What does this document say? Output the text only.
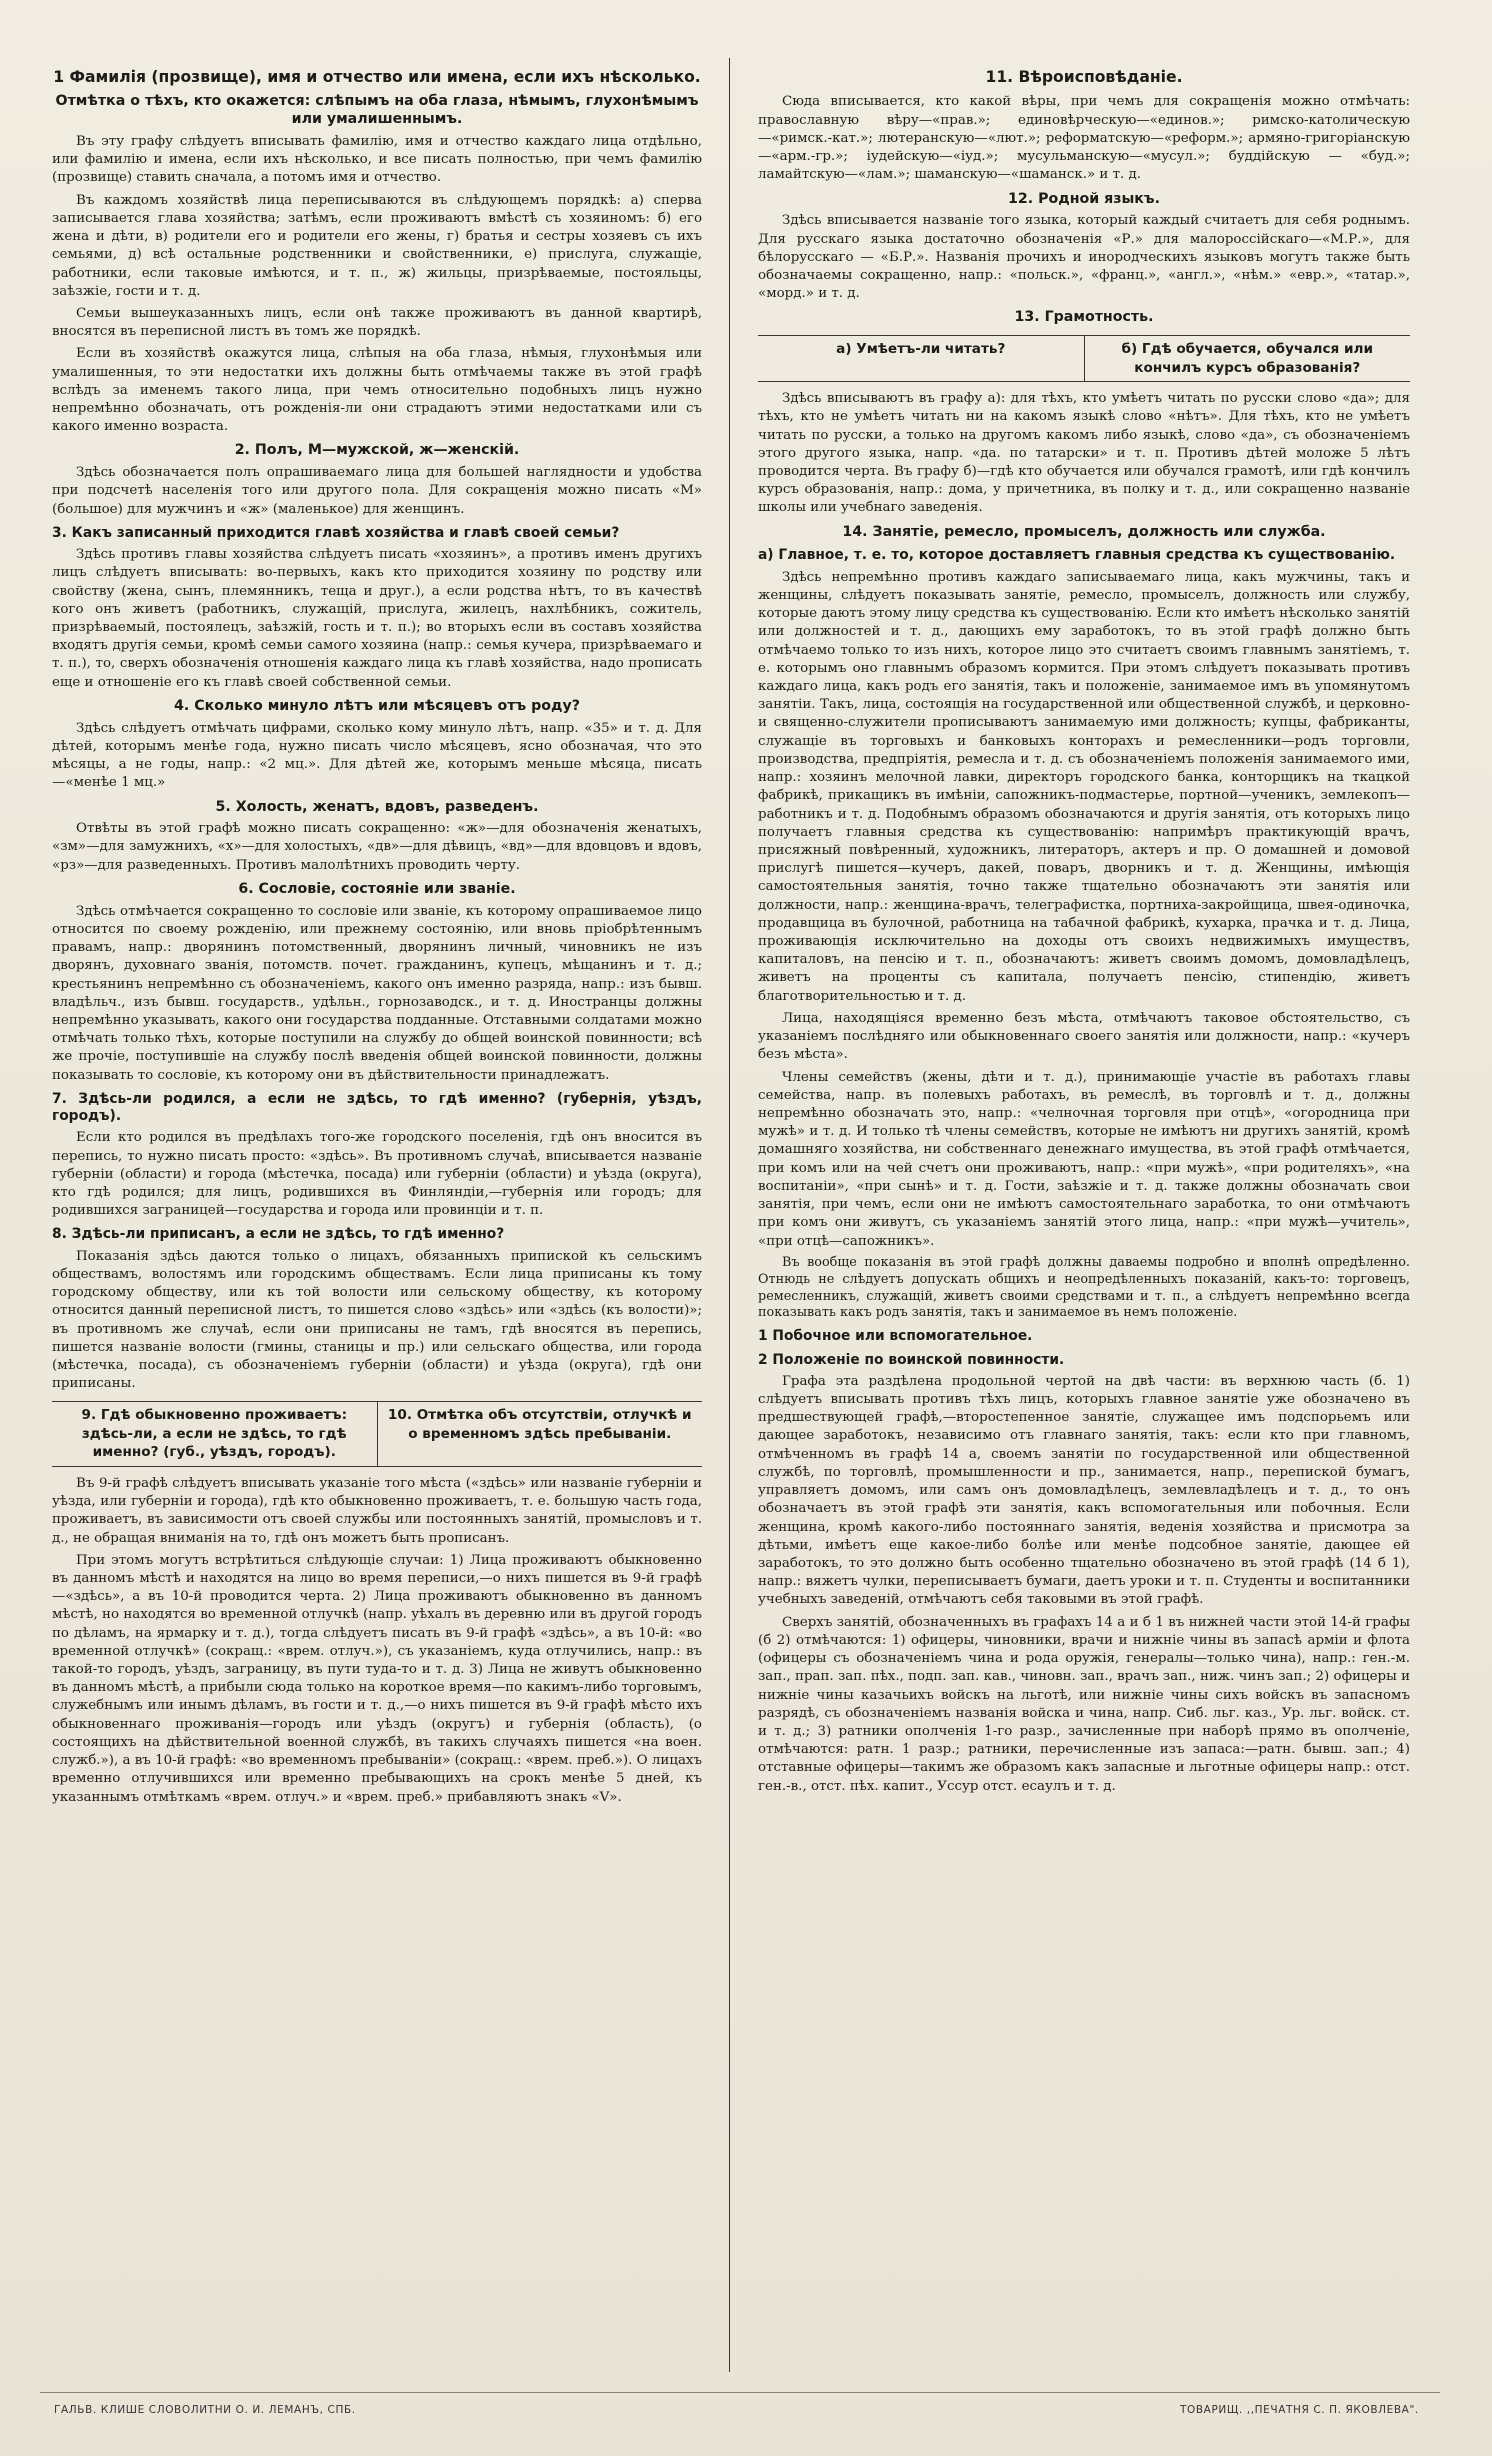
1 Фамилія (прозвище), имя и отчество или имена, если ихъ нѣсколько.
Отмѣтка о тѣхъ, кто окажется: слѣпымъ на оба глаза, нѣмымъ, глухонѣмымъ или умалишеннымъ.

Въ эту графу слѣдуетъ вписывать фамилію, имя и отчество каждаго лица отдѣльно, или фамилію и имена, если ихъ нѣсколько, и все писать полностью, при чемъ фамилію (прозвище) ставить сначала, а потомъ имя и отчество.

Въ каждомъ хозяйствѣ лица переписываются въ слѣдующемъ порядкѣ: а) сперва записывается глава хозяйства; затѣмъ, если проживаютъ вмѣстѣ съ хозяиномъ: б) его жена и дѣти, в) родители его и родители его жены, г) братья и сестры хозяевъ съ ихъ семьями, д) всѣ остальные родственники и свойственники, е) прислуга, служащіе, работники, если таковые имѣются, и т. п., ж) жильцы, призрѣваемые, постояльцы, заѣзжіе, гости и т. д.

Семьи вышеуказанныхъ лицъ, если онѣ также проживаютъ въ данной квартирѣ, вносятся въ переписной листъ въ томъ же порядкѣ.

Если въ хозяйствѣ окажутся лица, слѣпыя на оба глаза, нѣмыя, глухонѣмыя или умалишенныя, то эти недостатки ихъ должны быть отмѣчаемы также въ этой графѣ вслѣдъ за именемъ такого лица, при чемъ относительно подобныхъ лицъ нужно непремѣнно обозначать, отъ рожденія-ли они страдаютъ этими недостатками или съ какого именно возраста.

2. Полъ, М—мужской, ж—женскій.

Здѣсь обозначается полъ опрашиваемаго лица для большей наглядности и удобства при подсчетѣ населенія того или другого пола. Для сокращенія можно писать «М» (большое) для мужчинъ и «ж» (маленькое) для женщинъ.

3. Какъ записанный приходится главѣ хозяйства и главѣ своей семьи?

Здѣсь противъ главы хозяйства слѣдуетъ писать «хозяинъ», а противъ именъ другихъ лицъ слѣдуетъ вписывать: во-первыхъ, какъ кто приходится хозяину по родству или свойству (жена, сынъ, племянникъ, теща и друг.), а если родства нѣтъ, то въ качествѣ кого онъ живетъ (работникъ, служащій, прислуга, жилецъ, нахлѣбникъ, сожитель, призрѣваемый, постоялецъ, заѣзжій, гость и т. п.); во вторыхъ если въ составъ хозяйства входятъ другія семьи, кромѣ семьи самого хозяина (напр.: семья кучера, призрѣваемаго и т. п.), то, сверхъ обозначенія отношенія каждаго лица къ главѣ хозяйства, надо прописать еще и отношеніе его къ главѣ своей собственной семьи.

4. Сколько минуло лѣтъ или мѣсяцевъ отъ роду?

Здѣсь слѣдуетъ отмѣчать цифрами, сколько кому минуло лѣтъ, напр. «35» и т. д. Для дѣтей, которымъ менѣе года, нужно писать число мѣсяцевъ, ясно обозначая, что это мѣсяцы, а не годы, напр.: «2 мц.». Для дѣтей же, которымъ меньше мѣсяца, писать—«менѣе 1 мц.»

5. Холость, женатъ, вдовъ, разведенъ.

Отвѣты въ этой графѣ можно писать сокращенно: «ж»—для обозначенія женатыхъ, «зм»—для замужнихъ, «х»—для холостыхъ, «дв»—для дѣвицъ, «вд»—для вдовцовъ и вдовъ, «рз»—для разведенныхъ. Противъ малолѣтнихъ проводить черту.

6. Сословіе, состояніе или званіе.

Здѣсь отмѣчается сокращенно то сословіе или званіе, къ которому опрашиваемое лицо относится по своему рожденію, или прежнему состоянію, или вновь пріобрѣтеннымъ правамъ, напр.: дворянинъ потомственный, дворянинъ личный, чиновникъ не изъ дворянъ, духовнаго званія, потомств. почет. гражданинъ, купецъ, мѣщанинъ и т. д.; крестьянинъ непремѣнно съ обозначеніемъ, какого онъ именно разряда, напр.: изъ бывш. владѣльч., изъ бывш. государств., удѣльн., горнозаводск., и т. д. Иностранцы должны непремѣнно указывать, какого они государства подданные. Отставными солдатами можно отмѣчать только тѣхъ, которые поступили на службу до общей воинской повинности; всѣ же прочіе, поступившіе на службу послѣ введенія общей воинской повинности, должны показывать то сословіе, къ которому они въ дѣйствительности принадлежатъ.

7. Здѣсь-ли родился, а если не здѣсь, то гдѣ именно? (губернія, уѣздъ, городъ).

Если кто родился въ предѣлахъ того-же городского поселенія, гдѣ онъ вносится въ перепись, то нужно писать просто: «здѣсь». Въ противномъ случаѣ, вписывается названіе губерніи (области) и города (мѣстечка, посада) или губерніи (области) и уѣзда (округа), кто гдѣ родился; для лицъ, родившихся въ Финляндіи,—губернія или городъ; для родившихся заграницей—государства и города или провинціи и т. п.

8. Здѣсь-ли приписанъ, а если не здѣсь, то гдѣ именно?

Показанія здѣсь даются только о лицахъ, обязанныхъ припиской къ сельскимъ обществамъ, волостямъ или городскимъ обществамъ. Если лица приписаны къ тому городскому обществу, или къ той волости или сельскому обществу, къ которому относится данный переписной листъ, то пишется слово «здѣсь» или «здѣсь (къ волости)»; въ противномъ же случаѣ, если они приписаны не тамъ, гдѣ вносятся въ перепись, пишется названіе волости (гмины, станицы и пр.) или сельскаго общества, или города (мѣстечка, посада), съ обозначеніемъ губерніи (области) и уѣзда (округа), гдѣ они приписаны.

9. Гдѣ обыкновенно проживаетъ: здѣсь-ли, а если не здѣсь, то гдѣ именно? (губ., уѣздъ, городъ).
10. Отмѣтка объ отсутствіи, отлучкѣ и о временномъ здѣсь пребываніи.

Въ 9-й графѣ слѣдуетъ вписывать указаніе того мѣста («здѣсь» или названіе губерніи и уѣзда, или губерніи и города), гдѣ кто обыкновенно проживаетъ, т. е. большую часть года, проживаетъ, въ зависимости отъ своей службы или постоянныхъ занятій, промысловъ и т. д., не обращая вниманія на то, гдѣ онъ можетъ быть прописанъ.

При этомъ могутъ встрѣтиться слѣдующіе случаи: 1) Лица проживаютъ обыкновенно въ данномъ мѣстѣ и находятся на лицо во время переписи,—о нихъ пишется въ 9-й графѣ—«здѣсь», а въ 10-й проводится черта. 2) Лица проживаютъ обыкновенно въ данномъ мѣстѣ, но находятся во временной отлучкѣ (напр. уѣхалъ въ деревню или въ другой городъ по дѣламъ, на ярмарку и т. д.), тогда слѣдуетъ писать въ 9-й графѣ «здѣсь», а въ 10-й: «во временной отлучкѣ» (сокращ.: «врем. отлуч.»), съ указаніемъ, куда отлучились, напр.: въ такой-то городъ, уѣздъ, заграницу, въ пути туда-то и т. д. 3) Лица не живутъ обыкновенно въ данномъ мѣстѣ, а прибыли сюда только на короткое время—по какимъ-либо торговымъ, служебнымъ или инымъ дѣламъ, въ гости и т. д.,—о нихъ пишется въ 9-й графѣ мѣсто ихъ обыкновеннаго проживанія—городъ или уѣздъ (округъ) и губернія (область), (о состоящихъ на дѣйствительной военной службѣ, въ такихъ случаяхъ пишется «на воен. служб.»), а въ 10-й графѣ: «во временномъ пребываніи» (сокращ.: «врем. преб.»). О лицахъ временно отлучившихся или временно пребывающихъ на срокъ менѣе 5 дней, къ указаннымъ отмѣткамъ «врем. отлуч.» и «врем. преб.» прибавляютъ знакъ «V».

11. Вѣроисповѣданіе.

Сюда вписывается, кто какой вѣры, при чемъ для сокращенія можно отмѣчать: православную вѣру—«прав.»; единовѣрческую—«единов.»; римско-католическую—«римск.-кат.»; лютеранскую—«лют.»; реформатскую—«реформ.»; армяно-григоріанскую—«арм.-гр.»; іудейскую—«іуд.»; мусульманскую—«мусул.»; буддійскую — «буд.»; ламайтскую—«лам.»; шаманскую—«шаманск.» и т. д.

12. Родной языкъ.

Здѣсь вписывается названіе того языка, который каждый считаетъ для себя роднымъ. Для русскаго языка достаточно обозначенія «Р.» для малороссійскаго—«М.Р.», для бѣлорусскаго — «Б.Р.». Названія прочихъ и инородческихъ языковъ могутъ также быть обозначаемы сокращенно, напр.: «польск.», «франц.», «англ.», «нѣм.» «евр.», «татар.», «морд.» и т. д.

13. Грамотность.
а) Умѣетъ-ли читать?	б) Гдѣ обучается, обучался или кончилъ курсъ образованія?

Здѣсь вписываютъ въ графу а): для тѣхъ, кто умѣетъ читать по русски слово «да»; для тѣхъ, кто не умѣетъ читать ни на какомъ языкѣ слово «нѣтъ». Для тѣхъ, кто не умѣетъ читать по русски, а только на другомъ какомъ либо языкѣ, слово «да», съ обозначеніемъ этого другого языка, напр. «да. по татарски» и т. п. Противъ дѣтей моложе 5 лѣтъ проводится черта. Въ графу б)—гдѣ кто обучается или обучался грамотѣ, или гдѣ кончилъ курсъ образованія, напр.: дома, у причетника, въ полку и т. д., или сокращенно названіе школы или учебнаго заведенія.

14. Занятіе, ремесло, промыселъ, должность или служба.
а) Главное, т. е. то, которое доставляетъ главныя средства къ существованію.

Здѣсь непремѣнно противъ каждаго записываемаго лица, какъ мужчины, такъ и женщины, слѣдуетъ показывать занятіе, ремесло, промыселъ, должность или службу, которые даютъ этому лицу средства къ существованію. Если кто имѣетъ нѣсколько занятій или должностей и т. д., дающихъ ему заработокъ, то въ этой графѣ должно быть отмѣчаемо только то изъ нихъ, которое лицо это считаетъ своимъ главнымъ занятіемъ, т. е. которымъ оно главнымъ образомъ кормится. При этомъ слѣдуетъ показывать противъ каждаго лица, какъ родъ его занятія, такъ и положеніе, занимаемое имъ въ упомянутомъ занятіи. Такъ, лица, состоящія на государственной или общественной службѣ, и церковно-и священно-служители прописываютъ занимаемую ими должность; купцы, фабриканты, служащіе въ торговыхъ и банковыхъ конторахъ и ремесленники—родъ торговли, производства, предпріятія, ремесла и т. д. съ обозначеніемъ положенія занимаемого ими, напр.: хозяинъ мелочной лавки, директоръ городского банка, конторщикъ на ткацкой фабрикѣ, прикащикъ въ имѣніи, сапожникъ-подмастерье, портной—ученикъ, землекопъ—работникъ и т. д. Подобнымъ образомъ обозначаются и другія занятія, отъ которыхъ лицо получаетъ главныя средства къ существованію: напримѣръ практикующій врачъ, присяжный повѣренный, художникъ, литераторъ, актеръ и пр. О домашней и домовой прислугѣ пишется—кучеръ, дакей, поваръ, дворникъ и т. д. Женщины, имѣющія самостоятельныя занятія, точно также тщательно обозначаютъ эти занятія или должности, напр.: женщина-врачъ, телеграфистка, портниха-закройщица, швея-одиночка, продавщица въ булочной, работница на табачной фабрикѣ, кухарка, прачка и т. д. Лица, проживающія исключительно на доходы отъ своихъ недвижимыхъ имуществъ, капиталовъ, на пенсію и т. п., обозначаютъ: живетъ своимъ домомъ, домовладѣлецъ, живетъ на проценты съ капитала, получаетъ пенсію, стипендію, живетъ благотворительностью и т. д.

Лица, находящіяся временно безъ мѣста, отмѣчаютъ таковое обстоятельство, съ указаніемъ послѣдняго или обыкновеннаго своего занятія или должности, напр.: «кучеръ безъ мѣста».

Члены семействъ (жены, дѣти и т. д.), принимающіе участіе въ работахъ главы семейства, напр. въ полевыхъ работахъ, въ ремеслѣ, въ торговлѣ и т. д., должны непремѣнно обозначать это, напр.: «челночная торговля при отцѣ», «огородница при мужѣ» и т. д. И только тѣ члены семействъ, которые не имѣютъ ни другихъ занятій, кромѣ домашняго хозяйства, ни собственнаго денежнаго имущества, въ этой графѣ отмѣчается, при комъ или на чей счетъ они проживаютъ, напр.: «при мужѣ», «при родителяхъ», «на воспитаніи», «при сынѣ» и т. д. Гости, заѣзжіе и т. д. также должны обозначать свои занятія, при чемъ, если они не имѣютъ самостоятельнаго заработка, то они отмѣчаютъ при комъ они живутъ, съ указаніемъ занятій этого лица, напр.: «при мужѣ—учитель», «при отцѣ—сапожникъ».

Въ вообще показанія въ этой графѣ должны даваемы подробно и вполнѣ опредѣленно. Отнюдь не слѣдуетъ допускать общихъ и неопредѣленныхъ показаній, какъ-то: торговецъ, ремесленникъ, служащій, живетъ своими средствами и т. п., а слѣдуетъ непремѣнно всегда показывать какъ родъ занятія, такъ и занимаемое въ немъ положеніе.

1 Побочное или вспомогательное.
2 Положеніе по воинской повинности.

Графа эта раздѣлена продольной чертой на двѣ части: въ верхнюю часть (б. 1) слѣдуетъ вписывать противъ тѣхъ лицъ, которыхъ главное занятіе уже обозначено въ предшествующей графѣ,—второстепенное занятіе, служащее имъ подспорьемъ или дающее заработокъ, независимо отъ главнаго занятія, такъ: если кто при главномъ, отмѣченномъ въ графѣ 14 а, своемъ занятіи по государственной или общественной службѣ, по торговлѣ, промышленности и пр., занимается, напр., перепиской бумагъ, управляетъ домомъ, или самъ онъ домовладѣлецъ, землевладѣлецъ и т. д., то онъ обозначаетъ въ этой графѣ эти занятія, какъ вспомогательныя или побочныя. Если женщина, кромѣ какого-либо постояннаго занятія, веденія хозяйства и присмотра за дѣтьми, имѣетъ еще какое-либо болѣе или менѣе подсобное занятіе, дающее ей заработокъ, то это должно быть особенно тщательно обозначено въ этой графѣ (14 б 1), напр.: вяжетъ чулки, переписываетъ бумаги, даетъ уроки и т. п. Студенты и воспитанники учебныхъ заведеній, отмѣчаютъ себя таковыми въ этой графѣ.

Сверхъ занятій, обозначенныхъ въ графахъ 14 а и б 1 въ нижней части этой 14-й графы (б 2) отмѣчаются: 1) офицеры, чиновники, врачи и нижніе чины въ запасѣ арміи и флота (офицеры съ обозначеніемъ чина и рода оружія, генералы—только чина), напр.: ген.-м. зап., прап. зап. пѣх., подп. зап. кав., чиновн. зап., врачъ зап., ниж. чинъ зап.; 2) офицеры и нижніе чины казачьихъ войскъ на льготѣ, или нижніе чины сихъ войскъ въ запасномъ разрядѣ, съ обозначеніемъ названія войска и чина, напр. Сиб. льг. каз., Ур. льг. войск. ст. и т. д.; 3) ратники ополченія 1-го разр., зачисленные при наборѣ прямо въ ополченіе, отмѣчаются: ратн. 1 разр.; ратники, перечисленные изъ запаса:—ратн. бывш. зап.; 4) отставные офицеры—такимъ же образомъ какъ запасные и льготные офицеры напр.: отст. ген.-в., отст. пѣх. капит., Уссур отст. есаулъ и т. д.

ГАЛЬВ. КЛИШЕ СЛОВОЛИТНИ О. И. ЛЕМАНЪ, СПБ.	ТОВАРИЩ. ,,ПЕЧАТНЯ С. П. ЯКОВЛЕВА".
